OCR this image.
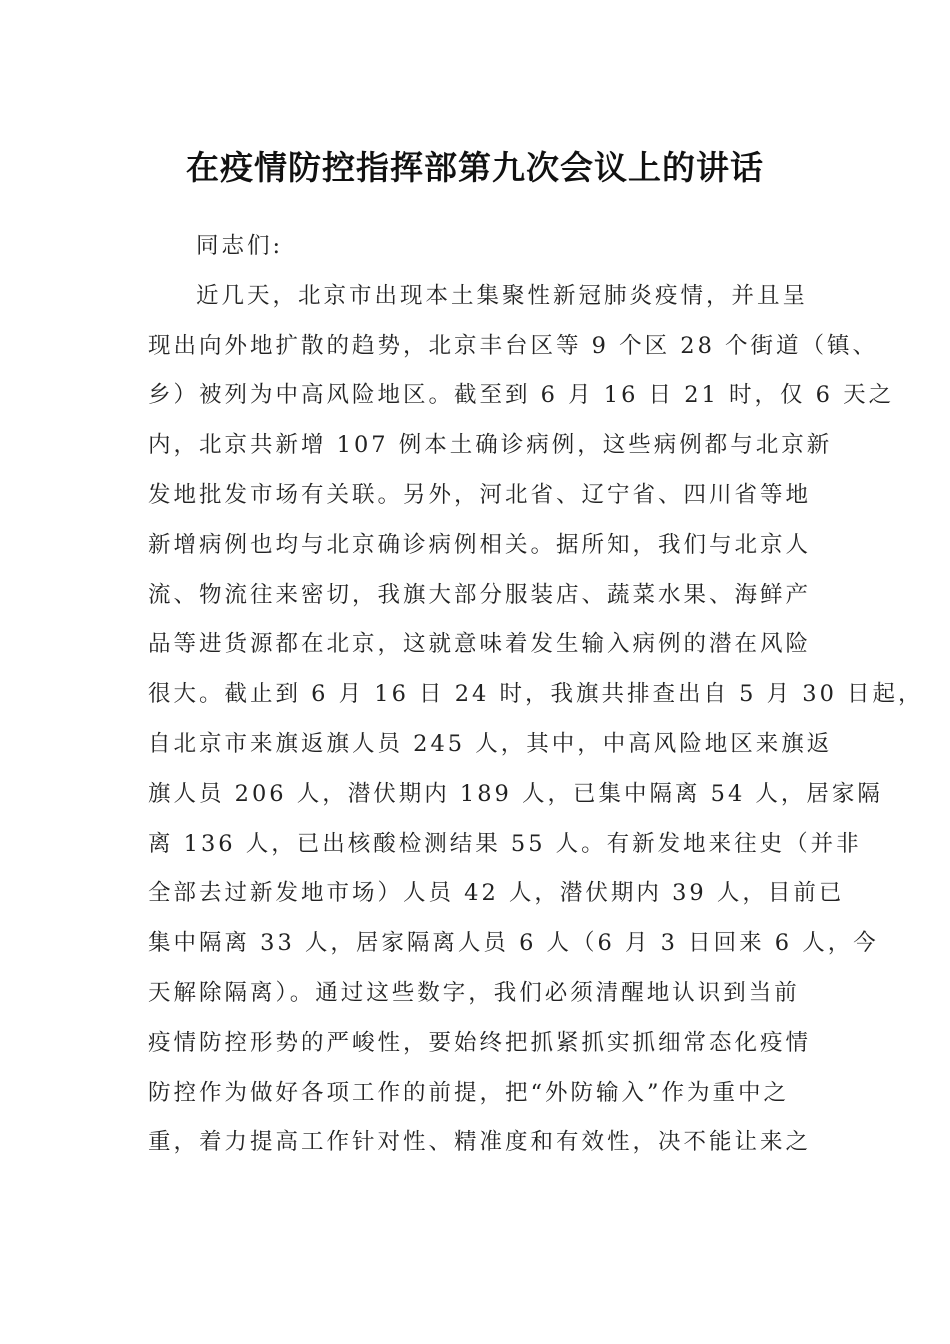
在疫情防控指挥部第九次会议上的讲话
同志们:
近几天，北京市出现本土集聚性新冠肺炎疫情，并且呈
现出向外地扩散的趋势，北京丰台区等 9 个区 28 个街道（镇、
乡）被列为中高风险地区。截至到 6 月 16 日 21 时，仅 6 天之
内，北京共新增 107 例本土确诊病例，这些病例都与北京新
发地批发市场有关联。另外，河北省、辽宁省、四川省等地
新增病例也均与北京确诊病例相关。据所知，我们与北京人
流、物流往来密切，我旗大部分服装店、蔬菜水果、海鲜产
品等进货源都在北京，这就意味着发生输入病例的潜在风险
很大。截止到 6 月 16 日 24 时，我旗共排查出自 5 月 30 日起，
自北京市来旗返旗人员 245 人，其中，中高风险地区来旗返
旗人员 206 人，潜伏期内 189 人，已集中隔离 54 人，居家隔
离 136 人，已出核酸检测结果 55 人。有新发地来往史（并非
全部去过新发地市场）人员 42 人，潜伏期内 39 人，目前已
集中隔离 33 人，居家隔离人员 6 人（6 月 3 日回来 6 人，今
天解除隔离）。通过这些数字，我们必须清醒地认识到当前
疫情防控形势的严峻性，要始终把抓紧抓实抓细常态化疫情
防控作为做好各项工作的前提，把“外防输入”作为重中之
重，着力提高工作针对性、精准度和有效性，决不能让来之
